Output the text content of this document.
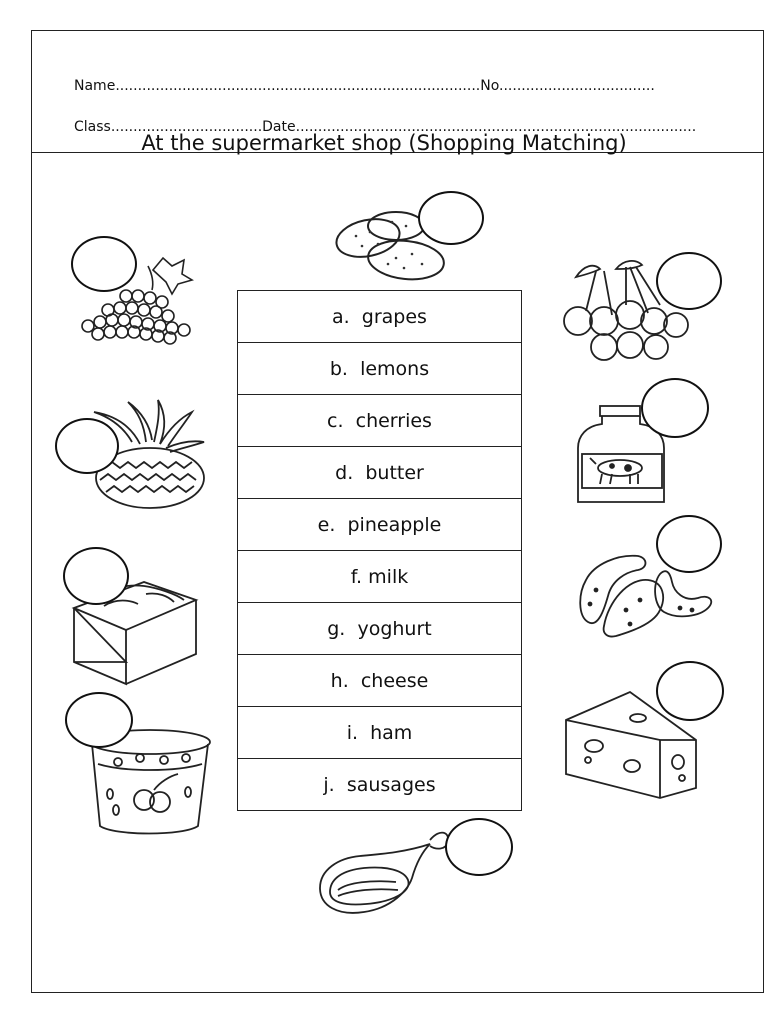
Name..................................................................................No...................................
Class..................................Date..........................................................................................
At the supermarket shop (Shopping Matching)
a. grapes
b. lemons
c. cherries
d. butter
e. pineapple
f. milk
g. yoghurt
h. cheese
i. ham
j. sausages
